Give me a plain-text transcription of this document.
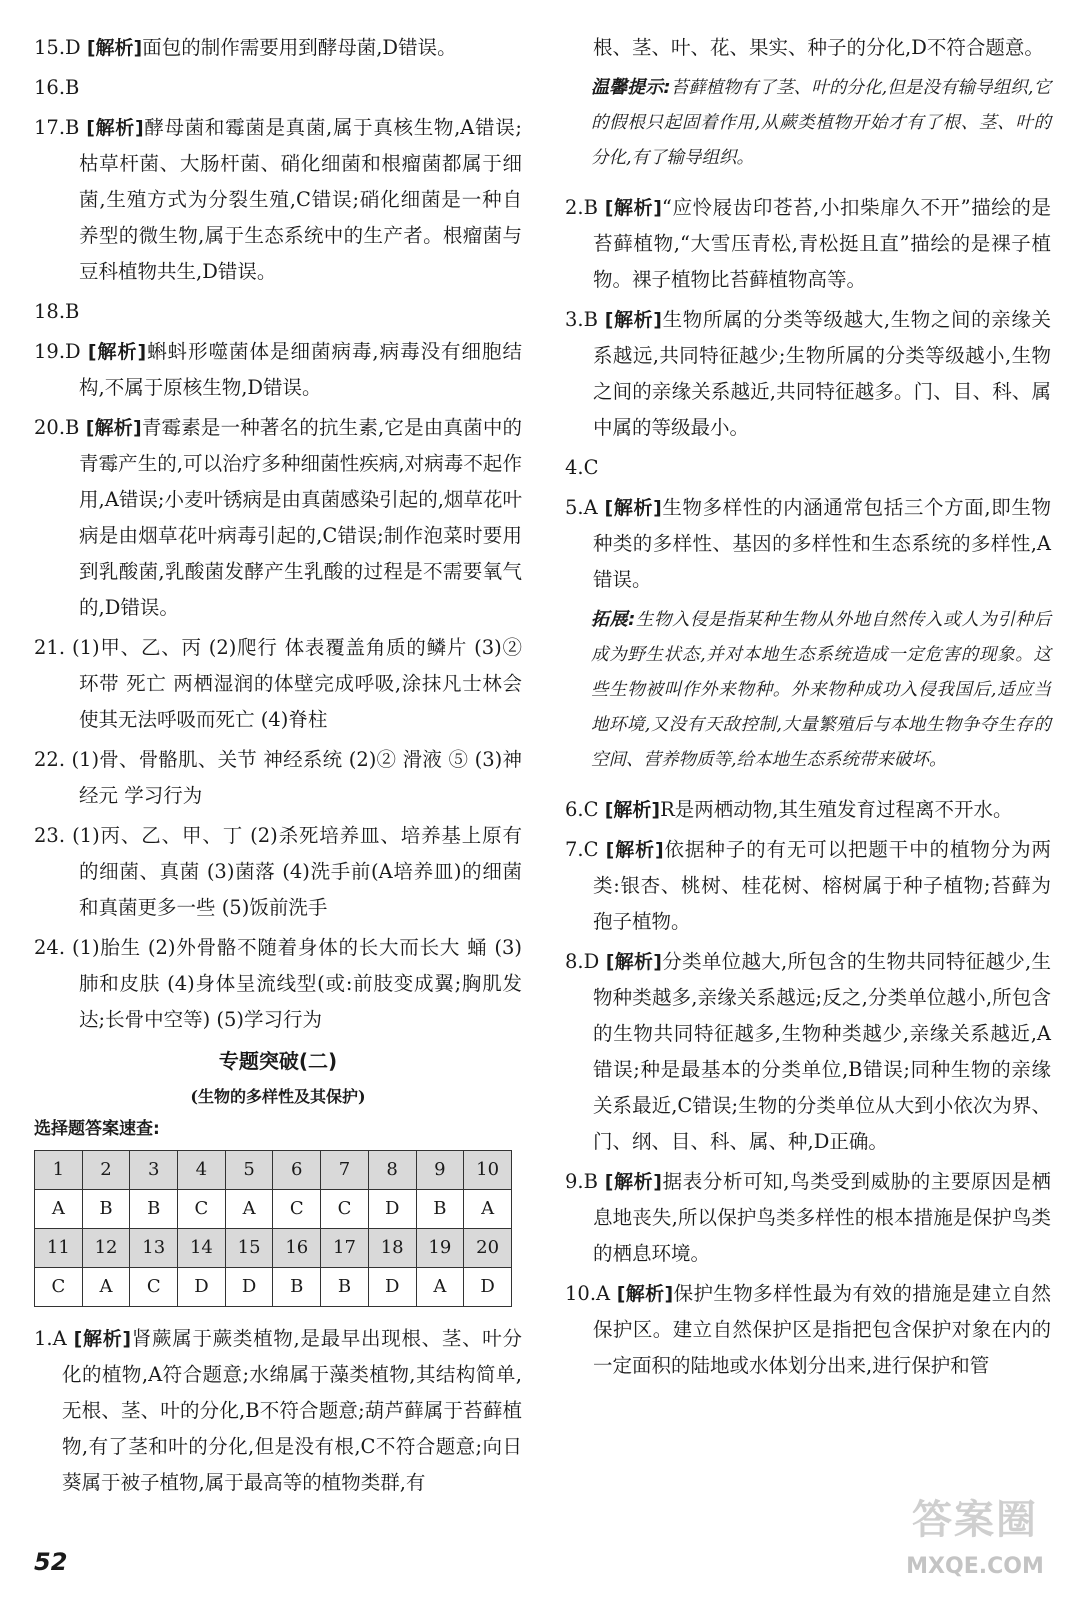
15.D [解析]面包的制作需要用到酵母菌,D错误。

16.B

17.B [解析]酵母菌和霉菌是真菌,属于真核生物,A错误;枯草杆菌、大肠杆菌、硝化细菌和根瘤菌都属于细菌,生殖方式为分裂生殖,C错误;硝化细菌是一种自养型的微生物,属于生态系统中的生产者。根瘤菌与豆科植物共生,D错误。

18.B

19.D [解析]蝌蚪形噬菌体是细菌病毒,病毒没有细胞结构,不属于原核生物,D错误。

20.B [解析]青霉素是一种著名的抗生素,它是由真菌中的青霉产生的,可以治疗多种细菌性疾病,对病毒不起作用,A错误;小麦叶锈病是由真菌感染引起的,烟草花叶病是由烟草花叶病毒引起的,C错误;制作泡菜时要用到乳酸菌,乳酸菌发酵产生乳酸的过程是不需要氧气的,D错误。

21. (1)甲、乙、丙 (2)爬行 体表覆盖角质的鳞片 (3)② 环带 死亡 两栖湿润的体壁完成呼吸,涂抹凡士林会使其无法呼吸而死亡 (4)脊柱

22. (1)骨、骨骼肌、关节 神经系统 (2)② 滑液 ⑤ (3)神经元 学习行为

23. (1)丙、乙、甲、丁 (2)杀死培养皿、培养基上原有的细菌、真菌 (3)菌落 (4)洗手前(A培养皿)的细菌和真菌更多一些 (5)饭前洗手

24. (1)胎生 (2)外骨骼不随着身体的长大而长大 蛹 (3)肺和皮肤 (4)身体呈流线型(或:前肢变成翼;胸肌发达;长骨中空等) (5)学习行为

专题突破(二)

(生物的多样性及其保护)

选择题答案速查:

1	2	3	4	5	6	7	8	9	10
A	B	B	C	A	C	C	D	B	A
11	12	13	14	15	16	17	18	19	20
C	A	C	D	D	B	B	D	A	D

1.A [解析]肾蕨属于蕨类植物,是最早出现根、茎、叶分化的植物,A符合题意;水绵属于藻类植物,其结构简单,无根、茎、叶的分化,B不符合题意;葫芦藓属于苔藓植物,有了茎和叶的分化,但是没有根,C不符合题意;向日葵属于被子植物,属于最高等的植物类群,有

根、茎、叶、花、果实、种子的分化,D不符合题意。

温馨提示:苔藓植物有了茎、叶的分化,但是没有输导组织,它的假根只起固着作用,从蕨类植物开始才有了根、茎、叶的分化,有了输导组织。

2.B [解析]“应怜屐齿印苍苔,小扣柴扉久不开”描绘的是苔藓植物,“大雪压青松,青松挺且直”描绘的是裸子植物。裸子植物比苔藓植物高等。

3.B [解析]生物所属的分类等级越大,生物之间的亲缘关系越远,共同特征越少;生物所属的分类等级越小,生物之间的亲缘关系越近,共同特征越多。门、目、科、属中属的等级最小。

4.C

5.A [解析]生物多样性的内涵通常包括三个方面,即生物种类的多样性、基因的多样性和生态系统的多样性,A错误。

拓展:生物入侵是指某种生物从外地自然传入或人为引种后成为野生状态,并对本地生态系统造成一定危害的现象。这些生物被叫作外来物种。外来物种成功入侵我国后,适应当地环境,又没有天敌控制,大量繁殖后与本地生物争夺生存的空间、营养物质等,给本地生态系统带来破坏。

6.C [解析]R是两栖动物,其生殖发育过程离不开水。

7.C [解析]依据种子的有无可以把题干中的植物分为两类:银杏、桃树、桂花树、榕树属于种子植物;苔藓为孢子植物。

8.D [解析]分类单位越大,所包含的生物共同特征越少,生物种类越多,亲缘关系越远;反之,分类单位越小,所包含的生物共同特征越多,生物种类越少,亲缘关系越近,A错误;种是最基本的分类单位,B错误;同种生物的亲缘关系最近,C错误;生物的分类单位从大到小依次为界、门、纲、目、科、属、种,D正确。

9.B [解析]据表分析可知,鸟类受到威胁的主要原因是栖息地丧失,所以保护鸟类多样性的根本措施是保护鸟类的栖息环境。

10.A [解析]保护生物多样性最为有效的措施是建立自然保护区。建立自然保护区是指把包含保护对象在内的一定面积的陆地或水体划分出来,进行保护和管

52
答案圈
MXQE.COM
